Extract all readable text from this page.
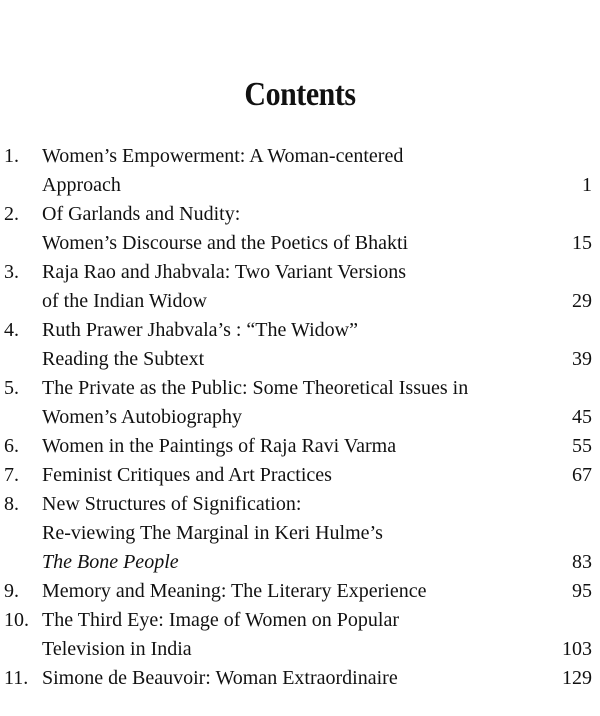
Contents
1. Women’s Empowerment: A Woman-centered
Approach	1
2. Of Garlands and Nudity:
Women’s Discourse and the Poetics of Bhakti	15
3. Raja Rao and Jhabvala: Two Variant Versions
of the Indian Widow	29
4. Ruth Prawer Jhabvala’s : “The Widow”
Reading the Subtext	39
5. The Private as the Public: Some Theoretical Issues in
Women’s Autobiography	45
6. Women in the Paintings of Raja Ravi Varma	55
7. Feminist Critiques and Art Practices	67
8. New Structures of Signification:
Re-viewing The Marginal in Keri Hulme’s
The Bone People	83
9. Memory and Meaning: The Literary Experience	95
10. The Third Eye: Image of Women on Popular
Television in India	103
11. Simone de Beauvoir: Woman Extraordinaire	129
